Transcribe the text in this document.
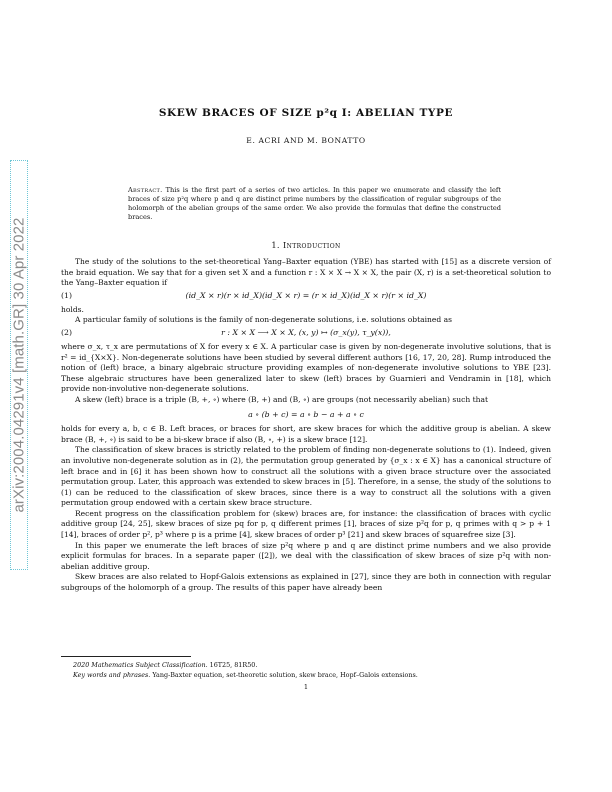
arXiv:2004.04291v4 [math.GR] 30 Apr 2022
SKEW BRACES OF SIZE p²q I: ABELIAN TYPE
E. ACRI AND M. BONATTO
Abstract. This is the first part of a series of two articles. In this paper we enumerate and classify the left braces of size p²q where p and q are distinct prime numbers by the classification of regular subgroups of the holomorph of the abelian groups of the same order. We also provide the formulas that define the constructed braces.
1. Introduction

The study of the solutions to the set-theoretical Yang–Baxter equation (YBE) has started with [15] as a discrete version of the braid equation. We say that for a given set X and a function r : X × X → X × X, the pair (X, r) is a set-theoretical solution to the Yang–Baxter equation if

(1)	(id_X × r)(r × id_X)(id_X × r) = (r × id_X)(id_X × r)(r × id_X)

holds.

A particular family of solutions is the family of non-degenerate solutions, i.e. solutions obtained as

(2)	r : X × X ⟶ X × X, (x, y) ↦ (σ_x(y), τ_y(x)),

where σ_x, τ_x are permutations of X for every x ∈ X. A particular case is given by non-degenerate involutive solutions, that is r² = id_{X×X}. Non-degenerate solutions have been studied by several different authors [16, 17, 20, 28]. Rump introduced the notion of (left) brace, a binary algebraic structure providing examples of non-degenerate involutive solutions to YBE [23]. These algebraic structures have been generalized later to skew (left) braces by Guarnieri and Vendramin in [18], which provide non-involutive non-degenerate solutions.

A skew (left) brace is a triple (B, +, ∘) where (B, +) and (B, ∘) are groups (not necessarily abelian) such that

a ∘ (b + c) = a ∘ b − a + a ∘ c

holds for every a, b, c ∈ B. Left braces, or braces for short, are skew braces for which the additive group is abelian. A skew brace (B, +, ∘) is said to be a bi-skew brace if also (B, ∘, +) is a skew brace [12].

The classification of skew braces is strictly related to the problem of finding non-degenerate solutions to (1). Indeed, given an involutive non-degenerate solution as in (2), the permutation group generated by {σ_x : x ∈ X} has a canonical structure of left brace and in [6] it has been shown how to construct all the solutions with a given brace structure over the associated permutation group. Later, this approach was extended to skew braces in [5]. Therefore, in a sense, the study of the solutions to (1) can be reduced to the classification of skew braces, since there is a way to construct all the solutions with a given permutation group endowed with a certain skew brace structure.

Recent progress on the classification problem for (skew) braces are, for instance: the classification of braces with cyclic additive group [24, 25], skew braces of size pq for p, q different primes [1], braces of size p²q for p, q primes with q > p + 1 [14], braces of order p², p³ where p is a prime [4], skew braces of order p³ [21] and skew braces of squarefree size [3].

In this paper we enumerate the left braces of size p²q where p and q are distinct prime numbers and we also provide explicit formulas for braces. In a separate paper ([2]), we deal with the classification of skew braces of size p²q with non-abelian additive group.

Skew braces are also related to Hopf-Galois extensions as explained in [27], since they are both in connection with regular subgroups of the holomorph of a group. The results of this paper have already been

2020 Mathematics Subject Classification. 16T25, 81R50.
Key words and phrases. Yang-Baxter equation, set-theoretic solution, skew brace, Hopf–Galois extensions.
1
